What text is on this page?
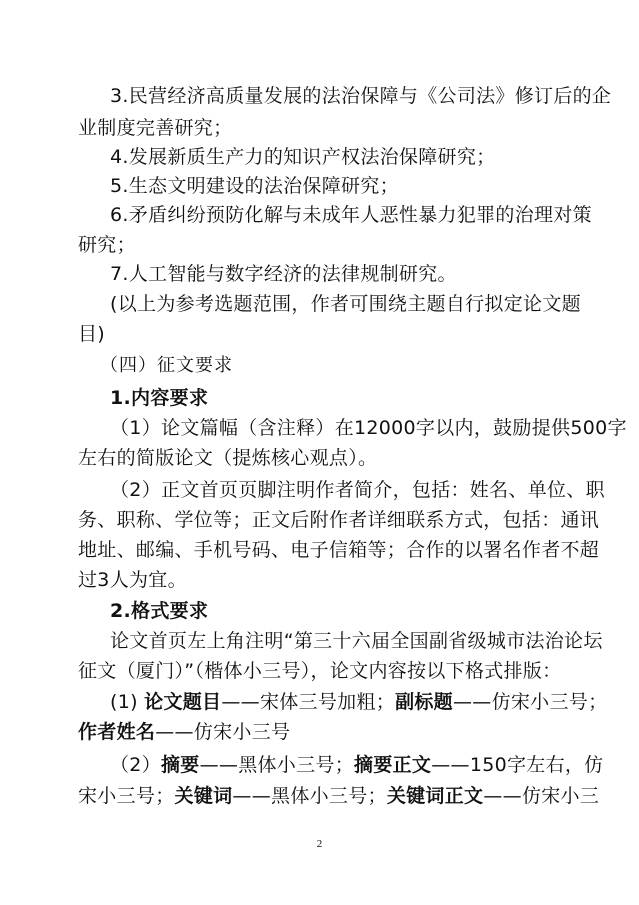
3.民营经济高质量发展的法治保障与《公司法》修订后的企
业制度完善研究；
4.发展新质生产力的知识产权法治保障研究；
5.生态文明建设的法治保障研究；
6.矛盾纠纷预防化解与未成年人恶性暴力犯罪的治理对策
研究；
7.人工智能与数字经济的法律规制研究。
(以上为参考选题范围，作者可围绕主题自行拟定论文题
目)
（四）征文要求
1.内容要求
（1）论文篇幅（含注释）在12000字以内，鼓励提供500字
左右的简版论文（提炼核心观点）。
（2）正文首页页脚注明作者简介，包括：姓名、单位、职
务、职称、学位等；正文后附作者详细联系方式，包括：通讯
地址、邮编、手机号码、电子信箱等；合作的以署名作者不超
过3人为宜。
2.格式要求
论文首页左上角注明“第三十六届全国副省级城市法治论坛
征文（厦门）”（楷体小三号），论文内容按以下格式排版：
(1) 论文题目——宋体三号加粗；副标题——仿宋小三号；
作者姓名——仿宋小三号
（2）摘要——黑体小三号；摘要正文——150字左右，仿
宋小三号；关键词——黑体小三号；关键词正文——仿宋小三
2
